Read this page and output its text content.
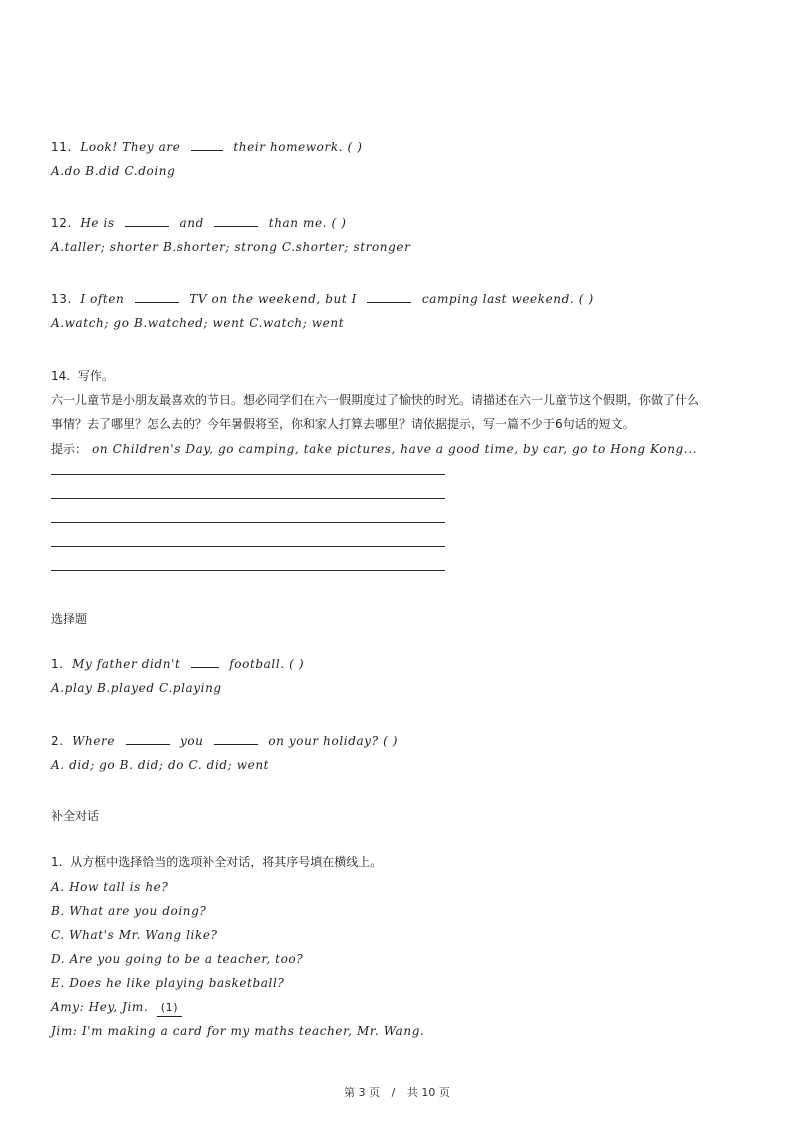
11. Look! They are	their homework. ( )
A.do B.did C.doing
12. He is	and	than me. ( )
A.taller; shorter B.shorter; strong C.shorter; stronger
13. I often	TV on the weekend, but I	camping last weekend. ( )
A.watch; go B.watched; went C.watch; went
14. 写作。
六一儿童节是小朋友最喜欢的节日。想必同学们在六一假期度过了愉快的时光。请描述在六一儿童节这个假期，你做了什么
事情？去了哪里？怎么去的？今年暑假将至，你和家人打算去哪里？请依据提示，写一篇不少于6句话的短文。
提示： on Children's Day, go camping, take pictures, have a good time, by car, go to Hong Kong...
选择题
1. My father didn't	football. ( )
A.play B.played C.playing
2. Where	you	on your holiday? ( )
A. did; go B. did; do C. did; went
补全对话
1. 从方框中选择恰当的选项补全对话，将其序号填在横线上。
A. How tall is he?
B. What are you doing?
C. What's Mr. Wang like?
D. Are you going to be a teacher, too?
E. Does he like playing basketball?
Amy: Hey, Jim. (1)
Jim: I'm making a card for my maths teacher, Mr. Wang.
第 3 页 / 共 10 页
